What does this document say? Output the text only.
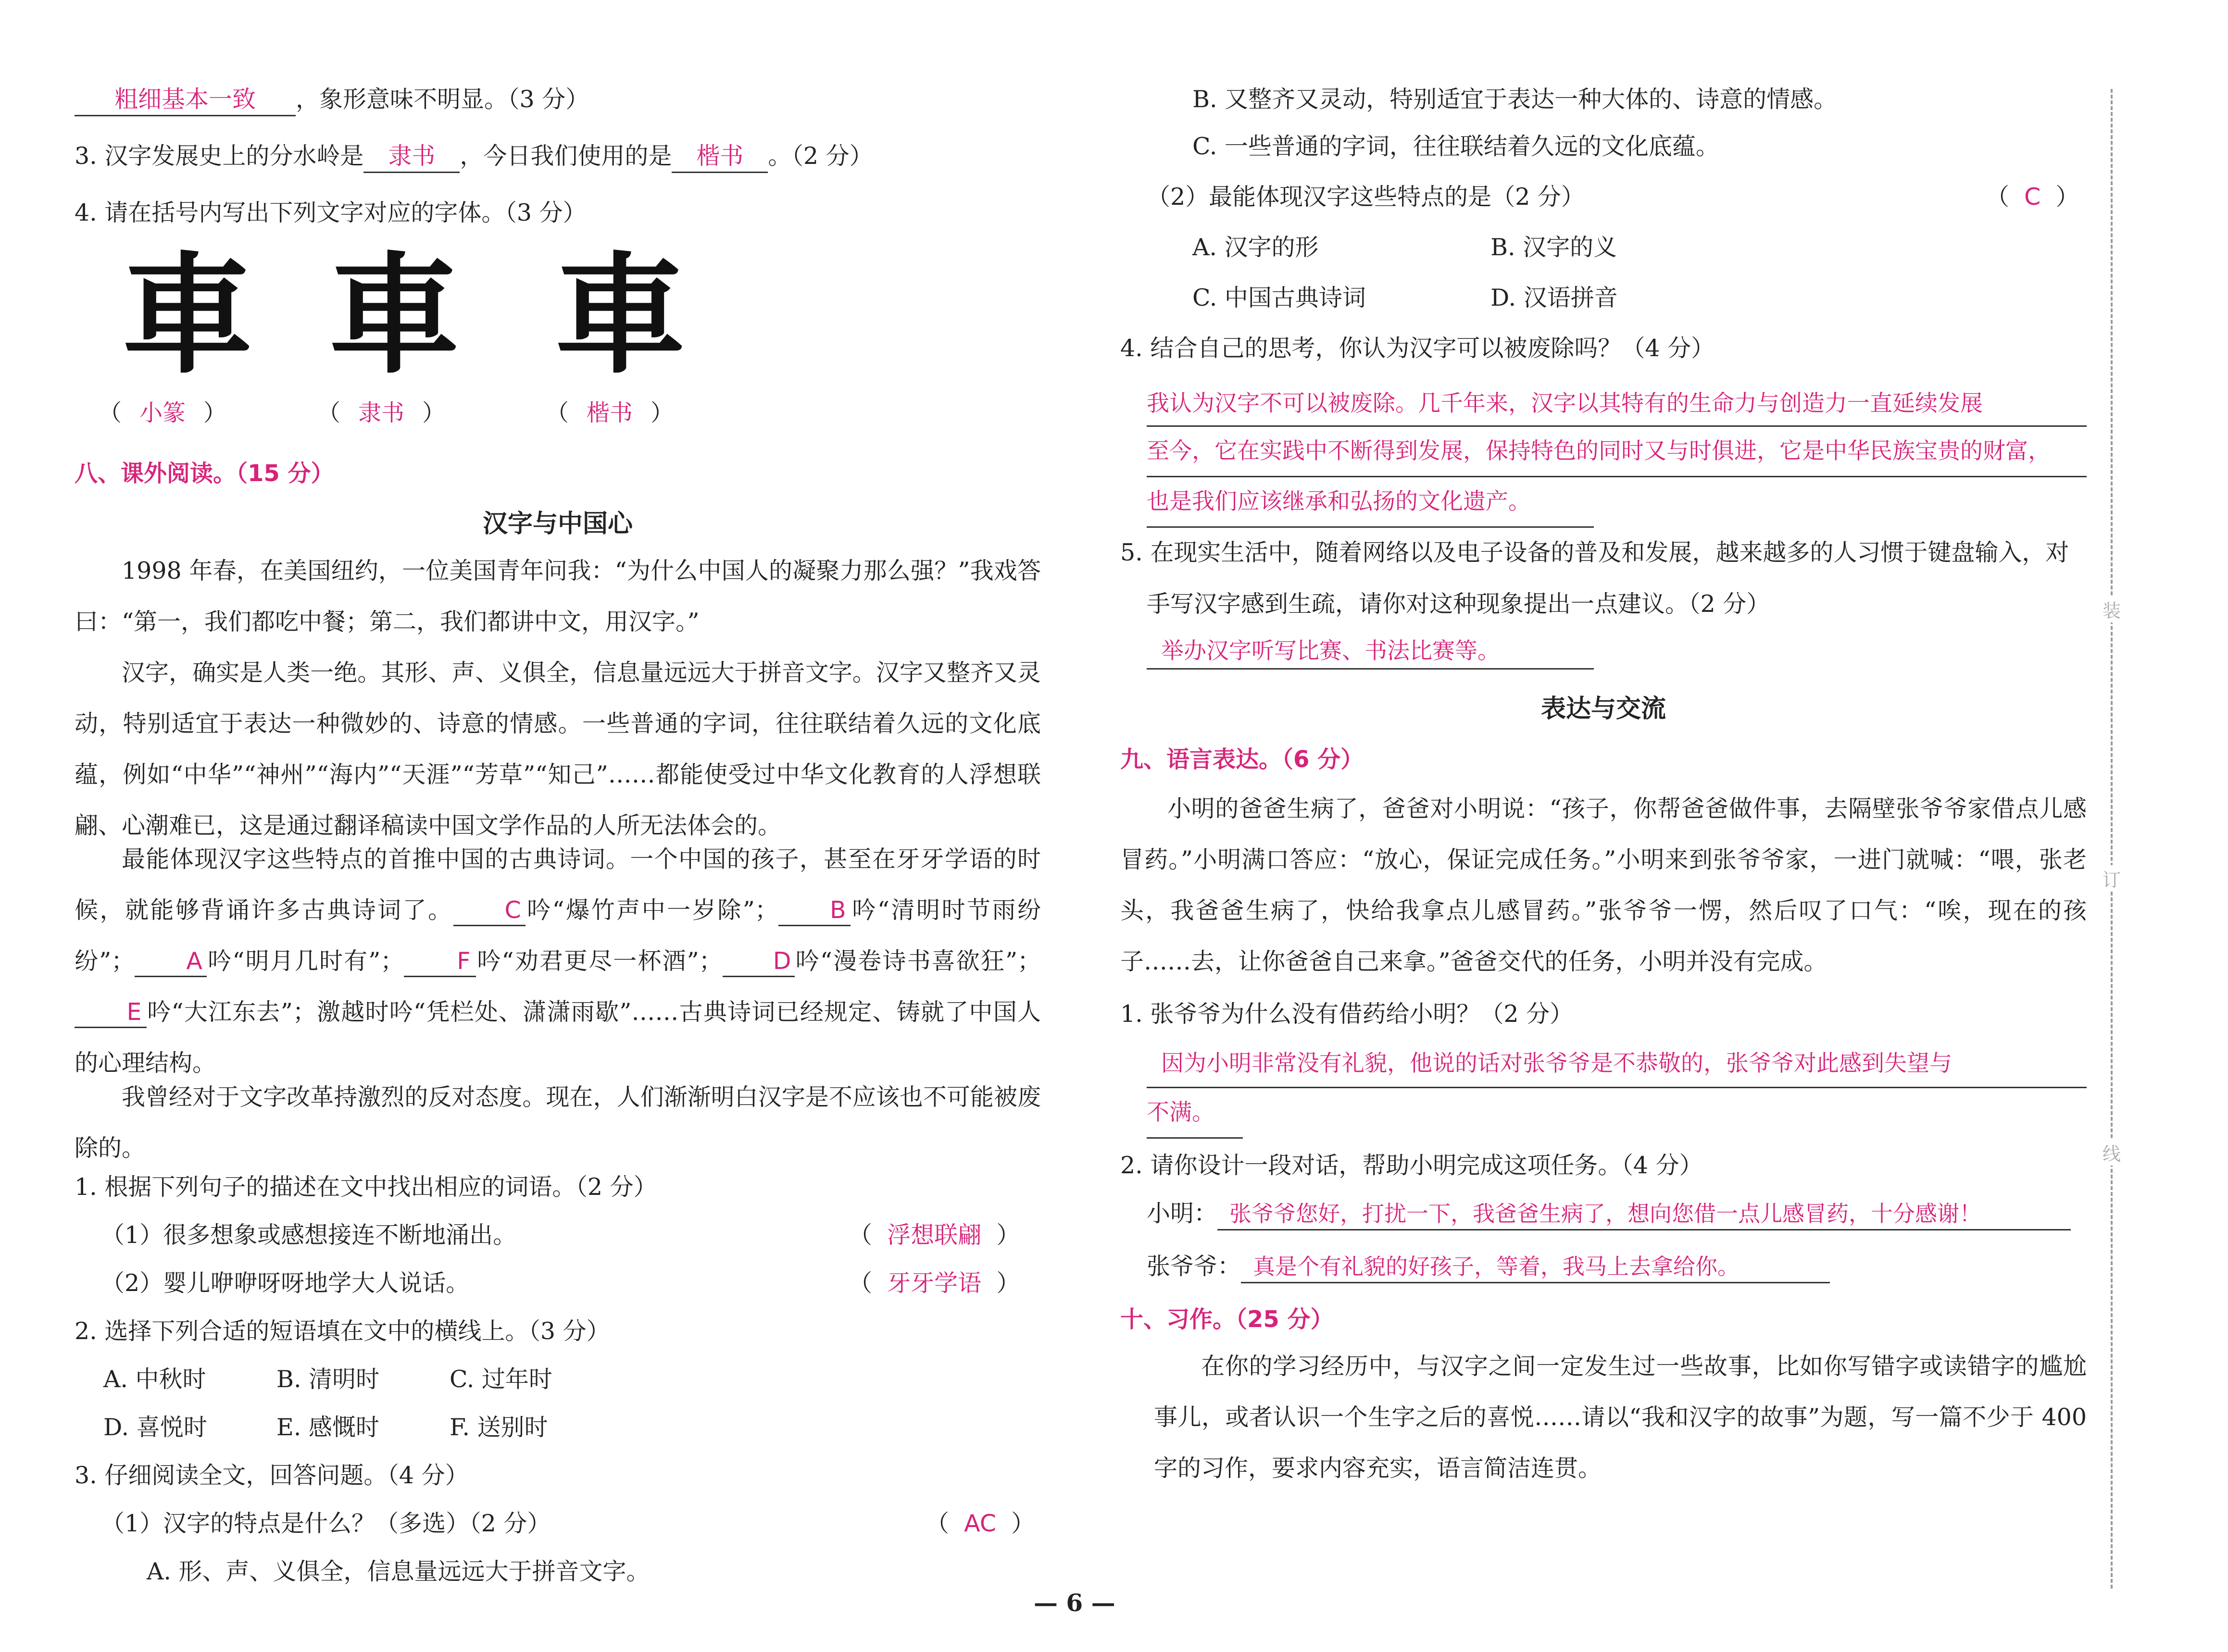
粗细基本一致 ，象形意味不明显。（3 分）
3. 汉字发展史上的分水岭是 隶书 ，今日我们使用的是 楷书 。（2 分）
4. 请在括号内写出下列文字对应的字体。（3 分）
車 車 車
（ 小篆 ）	（ 隶书 ）	（ 楷书 ）
八、课外阅读。（15 分）
汉字与中国心
1998 年春，在美国纽约，一位美国青年问我：“为什么中国人的凝聚力那么强？”我戏答曰：“第一，我们都吃中餐；第二，我们都讲中文，用汉字。”
汉字，确实是人类一绝。其形、声、义俱全，信息量远远大于拼音文字。汉字又整齐又灵动，特别适宜于表达一种微妙的、诗意的情感。一些普通的字词，往往联结着久远的文化底蕴，例如“中华”“神州”“海内”“天涯”“芳草”“知己”……都能使受过中华文化教育的人浮想联翩、心潮难已，这是通过翻译稿读中国文学作品的人所无法体会的。
最能体现汉字这些特点的首推中国的古典诗词。一个中国的孩子，甚至在牙牙学语的时候，就能够背诵许多古典诗词了。 C 吟“爆竹声中一岁除”； B 吟“清明时节雨纷纷”； A 吟“明月几时有”； F 吟“劝君更尽一杯酒”； D 吟“漫卷诗书喜欲狂”；E 吟“大江东去”；激越时吟“凭栏处、潇潇雨歇”……古典诗词已经规定、铸就了中国人的心理结构。
我曾经对于文字改革持激烈的反对态度。现在，人们渐渐明白汉字是不应该也不可能被废除的。
1. 根据下列句子的描述在文中找出相应的词语。（2 分）
（1）很多想象或感想接连不断地涌出。	（  浮想联翩  ）
（2）婴儿咿咿呀呀地学大人说话。	（  牙牙学语  ）
2. 选择下列合适的短语填在文中的横线上。（3 分）
A. 中秋时	B. 清明时	C. 过年时
D. 喜悦时	E. 感慨时	F. 送别时
3. 仔细阅读全文，回答问题。（4 分）
（1）汉字的特点是什么？（多选）（2 分）	（  AC  ）
A. 形、声、义俱全，信息量远远大于拼音文字。
B. 又整齐又灵动，特别适宜于表达一种大体的、诗意的情感。
C. 一些普通的字词，往往联结着久远的文化底蕴。
（2）最能体现汉字这些特点的是（2 分）	（  C  ）
A. 汉字的形	B. 汉字的义
C. 中国古典诗词	D. 汉语拼音
4. 结合自己的思考，你认为汉字可以被废除吗？（4 分）
我认为汉字不可以被废除。几千年来，汉字以其特有的生命力与创造力一直延续发展
至今，它在实践中不断得到发展，保持特色的同时又与时俱进，它是中华民族宝贵的财富，
也是我们应该继承和弘扬的文化遗产。
5. 在现实生活中，随着网络以及电子设备的普及和发展，越来越多的人习惯于键盘输入，对
手写汉字感到生疏，请你对这种现象提出一点建议。（2 分）
举办汉字听写比赛、书法比赛等。
表达与交流
九、语言表达。（6 分）
小明的爸爸生病了，爸爸对小明说：“孩子，你帮爸爸做件事，去隔壁张爷爷家借点儿感冒药。”小明满口答应：“放心，保证完成任务。”小明来到张爷爷家，一进门就喊：“喂，张老头，我爸爸生病了，快给我拿点儿感冒药。”张爷爷一愣，然后叹了口气：“唉，现在的孩子……去，让你爸爸自己来拿。”爸爸交代的任务，小明并没有完成。
1. 张爷爷为什么没有借药给小明？（2 分）
因为小明非常没有礼貌，他说的话对张爷爷是不恭敬的，张爷爷对此感到失望与
不满。
2. 请你设计一段对话，帮助小明完成这项任务。（4 分）
小明： 张爷爷您好，打扰一下，我爸爸生病了，想向您借一点儿感冒药，十分感谢！
张爷爷： 真是个有礼貌的好孩子，等着，我马上去拿给你。
十、习作。（25 分）
在你的学习经历中，与汉字之间一定发生过一些故事，比如你写错字或读错字的尴尬事儿，或者认识一个生字之后的喜悦……请以“我和汉字的故事”为题，写一篇不少于 400 字的习作，要求内容充实，语言简洁连贯。
装
订
线
— 6 —
